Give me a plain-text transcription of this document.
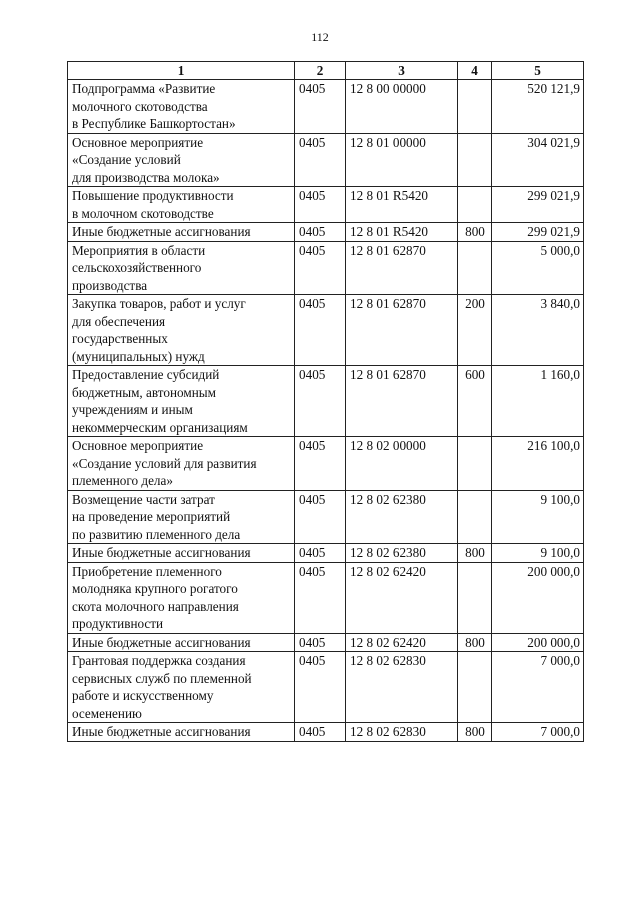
112
1	2	3	4	5
Подпрограмма «Развитие
молочного скотоводства
в Республике Башкортостан»	0405	12 8 00 00000		520 121,9
Основное мероприятие
«Создание условий
для производства молока»	0405	12 8 01 00000		304 021,9
Повышение продуктивности
в молочном скотоводстве	0405	12 8 01 R5420		299 021,9
Иные бюджетные ассигнования	0405	12 8 01 R5420	800	299 021,9
Мероприятия в области
сельскохозяйственного
производства	0405	12 8 01 62870		5 000,0
Закупка товаров, работ и услуг
для обеспечения
государственных
(муниципальных) нужд	0405	12 8 01 62870	200	3 840,0
Предоставление субсидий
бюджетным, автономным
учреждениям и иным
некоммерческим организациям	0405	12 8 01 62870	600	1 160,0
Основное мероприятие
«Создание условий для развития
племенного дела»	0405	12 8 02 00000		216 100,0
Возмещение части затрат
на проведение мероприятий
по развитию племенного дела	0405	12 8 02 62380		9 100,0
Иные бюджетные ассигнования	0405	12 8 02 62380	800	9 100,0
Приобретение племенного
молодняка крупного рогатого
скота молочного направления
продуктивности	0405	12 8 02 62420		200 000,0
Иные бюджетные ассигнования	0405	12 8 02 62420	800	200 000,0
Грантовая поддержка создания
сервисных служб по племенной
работе и искусственному
осеменению	0405	12 8 02 62830		7 000,0
Иные бюджетные ассигнования	0405	12 8 02 62830	800	7 000,0
